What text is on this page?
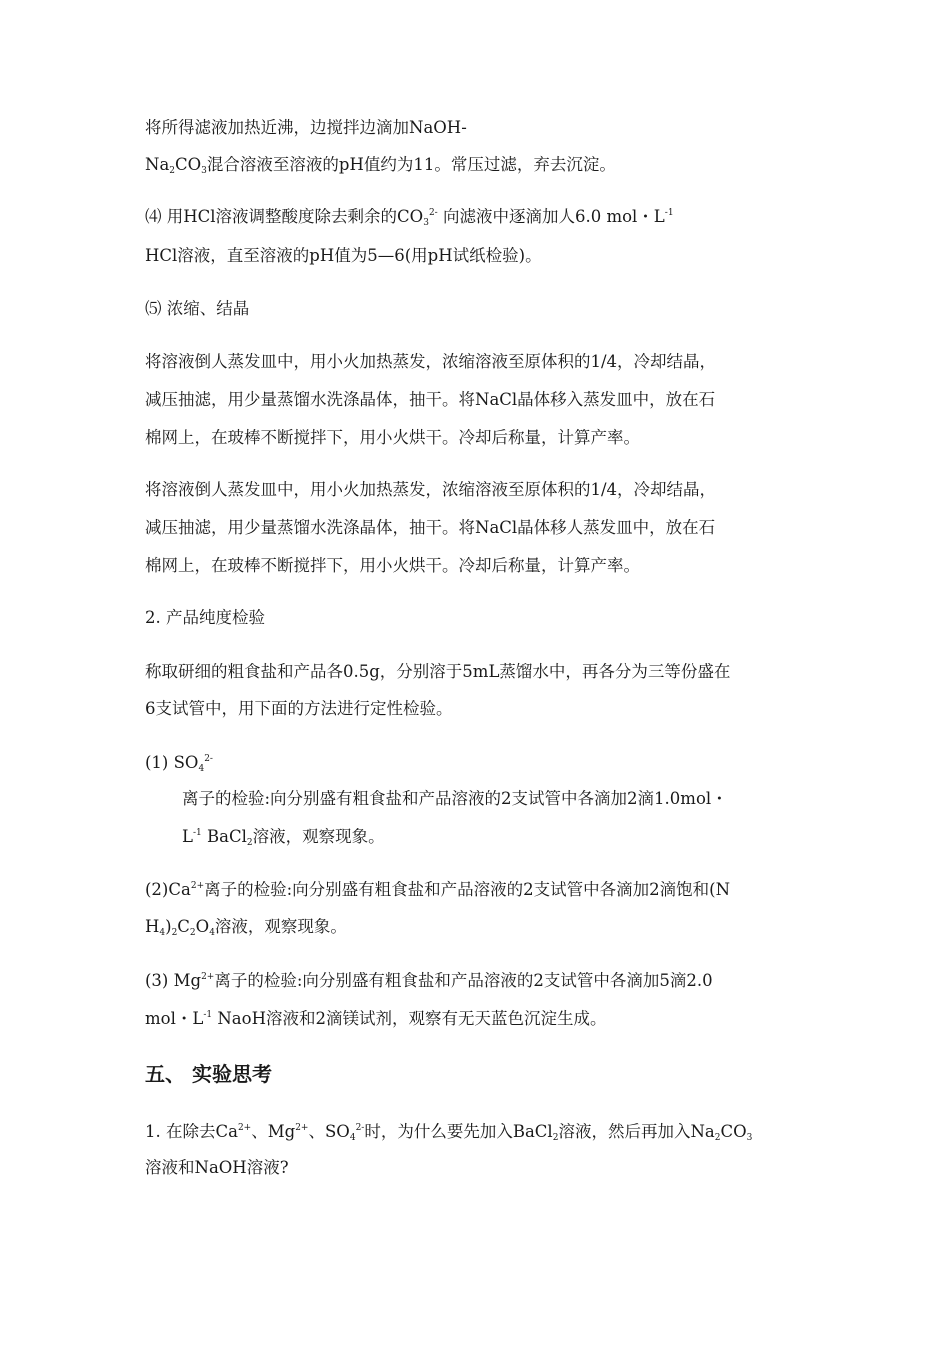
将所得滤液加热近沸，边搅拌边滴加NaOH-
$Na_2CO_3$混合溶液至溶液的pH值约为11。常压过滤，弃去沉淀。
⑷ 用HCl溶液调整酸度除去剩余的$CO_3^{2-}$ 向滤液中逐滴加人6.0 mol・$L^{-1}$
HCl溶液，直至溶液的pH值为5—6(用pH试纸检验)。
⑸ 浓缩、结晶
将溶液倒人蒸发皿中，用小火加热蒸发，浓缩溶液至原体积的1/4，冷却结晶，
减压抽滤，用少量蒸馏水洗涤晶体，抽干。将NaCl晶体移入蒸发皿中，放在石
棉网上，在玻棒不断搅拌下，用小火烘干。冷却后称量，计算产率。
将溶液倒人蒸发皿中，用小火加热蒸发，浓缩溶液至原体积的1/4，冷却结晶，
减压抽滤，用少量蒸馏水洗涤晶体，抽干。将NaCl晶体移人蒸发皿中，放在石
棉网上，在玻棒不断搅拌下，用小火烘干。冷却后称量，计算产率。
2. 产品纯度检验
称取研细的粗食盐和产品各0.5g，分别溶于5mL蒸馏水中，再各分为三等份盛在
6支试管中，用下面的方法进行定性检验。
(1) $SO_4^{2-}$
离子的检验:向分别盛有粗食盐和产品溶液的2支试管中各滴加2滴1.0mol・
$L^{-1}$ BaCl$_2$溶液，观察现象。
$(2)Ca^{2+}$离子的检验:向分别盛有粗食盐和产品溶液的2支试管中各滴加2滴饱和(N
$H_4)_2C_2O_4$溶液，观察现象。
(3) $Mg^{2+}$离子的检验:向分别盛有粗食盐和产品溶液的2支试管中各滴加5滴2.0
mol・$L^{-1}$ NaoH溶液和2滴镁试剂，观察有无天蓝色沉淀生成。
五、 实验思考
1. 在除去$Ca^{2+}$、$Mg^{2+}$、$SO_4^{2-}$时，为什么要先加入BaCl$_2$溶液，然后再加入$Na_2CO_3$
溶液和NaOH溶液?
